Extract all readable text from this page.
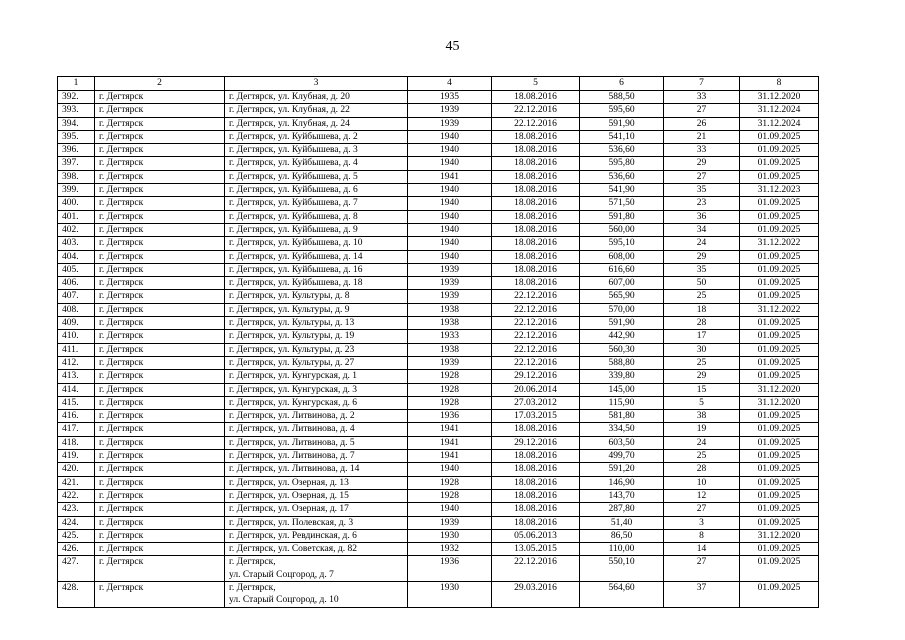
45
1	2	3	4	5	6	7	8
392.	г. Дегтярск	г. Дегтярск, ул. Клубная, д. 20	1935	18.08.2016	588,50	33	31.12.2020
393.	г. Дегтярск	г. Дегтярск, ул. Клубная, д. 22	1939	22.12.2016	595,60	27	31.12.2024
394.	г. Дегтярск	г. Дегтярск, ул. Клубная, д. 24	1939	22.12.2016	591,90	26	31.12.2024
395.	г. Дегтярск	г. Дегтярск, ул. Куйбышева, д. 2	1940	18.08.2016	541,10	21	01.09.2025
396.	г. Дегтярск	г. Дегтярск, ул. Куйбышева, д. 3	1940	18.08.2016	536,60	33	01.09.2025
397.	г. Дегтярск	г. Дегтярск, ул. Куйбышева, д. 4	1940	18.08.2016	595,80	29	01.09.2025
398.	г. Дегтярск	г. Дегтярск, ул. Куйбышева, д. 5	1941	18.08.2016	536,60	27	01.09.2025
399.	г. Дегтярск	г. Дегтярск, ул. Куйбышева, д. 6	1940	18.08.2016	541,90	35	31.12.2023
400.	г. Дегтярск	г. Дегтярск, ул. Куйбышева, д. 7	1940	18.08.2016	571,50	23	01.09.2025
401.	г. Дегтярск	г. Дегтярск, ул. Куйбышева, д. 8	1940	18.08.2016	591,80	36	01.09.2025
402.	г. Дегтярск	г. Дегтярск, ул. Куйбышева, д. 9	1940	18.08.2016	560,00	34	01.09.2025
403.	г. Дегтярск	г. Дегтярск, ул. Куйбышева, д. 10	1940	18.08.2016	595,10	24	31.12.2022
404.	г. Дегтярск	г. Дегтярск, ул. Куйбышева, д. 14	1940	18.08.2016	608,00	29	01.09.2025
405.	г. Дегтярск	г. Дегтярск, ул. Куйбышева, д. 16	1939	18.08.2016	616,60	35	01.09.2025
406.	г. Дегтярск	г. Дегтярск, ул. Куйбышева, д. 18	1939	18.08.2016	607,00	50	01.09.2025
407.	г. Дегтярск	г. Дегтярск, ул. Культуры, д. 8	1939	22.12.2016	565,90	25	01.09.2025
408.	г. Дегтярск	г. Дегтярск, ул. Культуры, д. 9	1938	22.12.2016	570,00	18	31.12.2022
409.	г. Дегтярск	г. Дегтярск, ул. Культуры, д. 13	1938	22.12.2016	591,90	28	01.09.2025
410.	г. Дегтярск	г. Дегтярск, ул. Культуры, д. 19	1933	22.12.2016	442,90	17	01.09.2025
411.	г. Дегтярск	г. Дегтярск, ул. Культуры, д. 23	1938	22.12.2016	560,30	30	01.09.2025
412.	г. Дегтярск	г. Дегтярск, ул. Культуры, д. 27	1939	22.12.2016	588,80	25	01.09.2025
413.	г. Дегтярск	г. Дегтярск, ул. Кунгурская, д. 1	1928	29.12.2016	339,80	29	01.09.2025
414.	г. Дегтярск	г. Дегтярск, ул. Кунгурская, д. 3	1928	20.06.2014	145,00	15	31.12.2020
415.	г. Дегтярск	г. Дегтярск, ул. Кунгурская, д. 6	1928	27.03.2012	115,90	5	31.12.2020
416.	г. Дегтярск	г. Дегтярск, ул. Литвинова, д. 2	1936	17.03.2015	581,80	38	01.09.2025
417.	г. Дегтярск	г. Дегтярск, ул. Литвинова, д. 4	1941	18.08.2016	334,50	19	01.09.2025
418.	г. Дегтярск	г. Дегтярск, ул. Литвинова, д. 5	1941	29.12.2016	603,50	24	01.09.2025
419.	г. Дегтярск	г. Дегтярск, ул. Литвинова, д. 7	1941	18.08.2016	499,70	25	01.09.2025
420.	г. Дегтярск	г. Дегтярск, ул. Литвинова, д. 14	1940	18.08.2016	591,20	28	01.09.2025
421.	г. Дегтярск	г. Дегтярск, ул. Озерная, д. 13	1928	18.08.2016	146,90	10	01.09.2025
422.	г. Дегтярск	г. Дегтярск, ул. Озерная, д. 15	1928	18.08.2016	143,70	12	01.09.2025
423.	г. Дегтярск	г. Дегтярск, ул. Озерная, д. 17	1940	18.08.2016	287,80	27	01.09.2025
424.	г. Дегтярск	г. Дегтярск, ул. Полевская, д. 3	1939	18.08.2016	51,40	3	01.09.2025
425.	г. Дегтярск	г. Дегтярск, ул. Ревдинская, д. 6	1930	05.06.2013	86,50	8	31.12.2020
426.	г. Дегтярск	г. Дегтярск, ул. Советская, д. 82	1932	13.05.2015	110,00	14	01.09.2025
427.	г. Дегтярск	г. Дегтярск,
ул. Старый Соцгород, д. 7	1936	22.12.2016	550,10	27	01.09.2025
428.	г. Дегтярск	г. Дегтярск,
ул. Старый Соцгород, д. 10	1930	29.03.2016	564,60	37	01.09.2025
